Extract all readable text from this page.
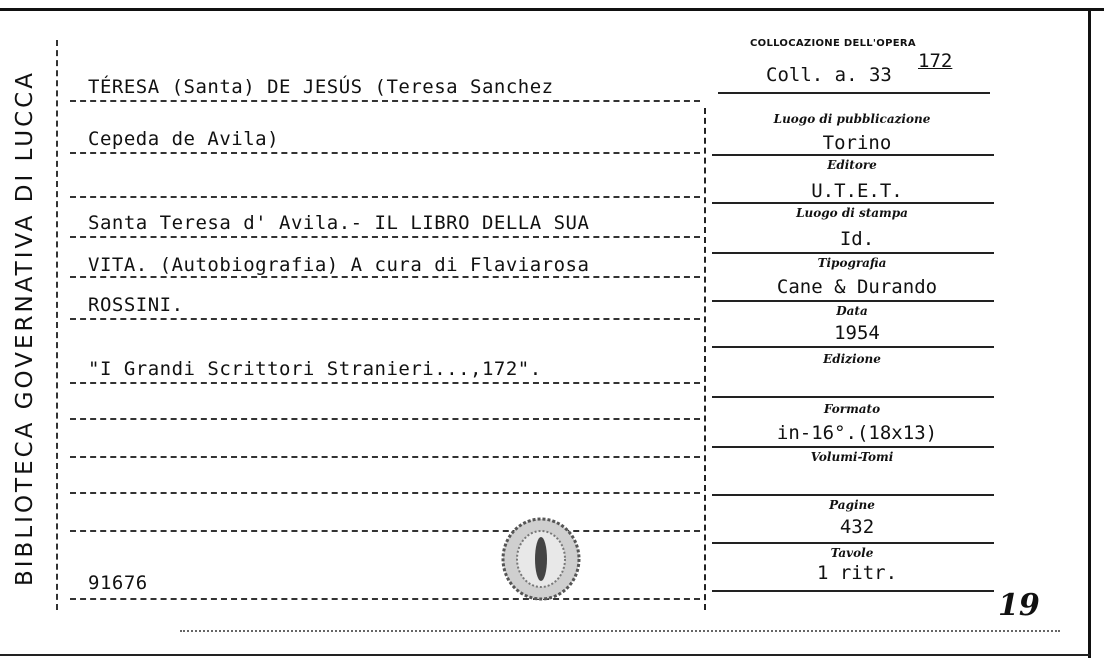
BIBLIOTECA GOVERNATIVA DI LUCCA
COLLOCAZIONE DELL'OPERA
Coll. a. 33
172
TÉRESA (Santa) DE JESÚS (Teresa Sanchez
Cepeda de Avila)
Santa Teresa d' Avila.- IL LIBRO DELLA SUA
VITA. (Autobiografia) A cura di Flaviarosa
ROSSINI.
"I Grandi Scrittori Stranieri...,172".
91676
Luogo di pubblicazione
Torino
Editore
U.T.E.T.
Luogo di stampa
Id.
Tipografia
Cane & Durando
Data
1954
Edizione
Formato
in-16°.(18x13)
Volumi-Tomi
Pagine
432
Tavole
1 ritr.
19
